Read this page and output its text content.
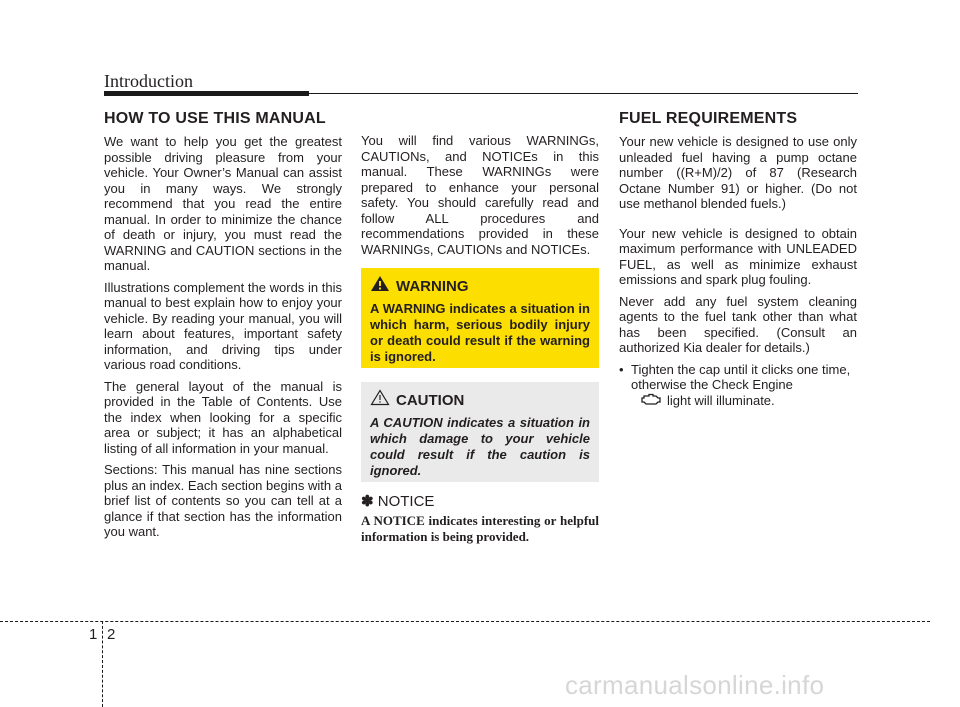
Introduction
HOW TO USE THIS MANUAL

We want to help you get the greatest possible driving pleasure from your vehicle. Your Owner’s Manual can assist you in many ways. We strongly recommend that you read the entire manual. In order to minimize the chance of death or injury, you must read the WARNING and CAUTION sections in the manual.

Illustrations complement the words in this manual to best explain how to enjoy your vehicle. By reading your manual, you will learn about features, important safety information, and driving tips under various road conditions.

The general layout of the manual is provided in the Table of Contents. Use the index when looking for a specific area or subject; it has an alphabetical listing of all information in your manual.

Sections: This manual has nine sections plus an index. Each section begins with a brief list of contents so you can tell at a glance if that section has the information you want.

You will find various WARNINGs, CAUTIONs, and NOTICEs in this manual. These WARNINGs were prepared to enhance your personal safety. You should carefully read and follow ALL procedures and recommendations provided in these WARNINGs, CAUTIONs and NOTICEs.

WARNING

A WARNING indicates a situation in which harm, serious bodily injury or death could result if the warning is ignored.

CAUTION

A CAUTION indicates a situation in which damage to your vehicle could result if the caution is ignored.

✽ NOTICE

A NOTICE indicates interesting or helpful information is being provided.

FUEL REQUIREMENTS

Your new vehicle is designed to use only unleaded fuel having a pump octane number ((R+M)/2) of 87 (Research Octane Number 91) or higher. (Do not use methanol blended fuels.)

Your new vehicle is designed to obtain maximum performance with UNLEADED FUEL, as well as minimize exhaust emissions and spark plug fouling.

Never add any fuel system cleaning agents to the fuel tank other than what has been specified. (Consult an authorized Kia dealer for details.)

• Tighten the cap until it clicks one time, otherwise the Check Engine
light will illuminate.
1 2
carmanualsonline.info
